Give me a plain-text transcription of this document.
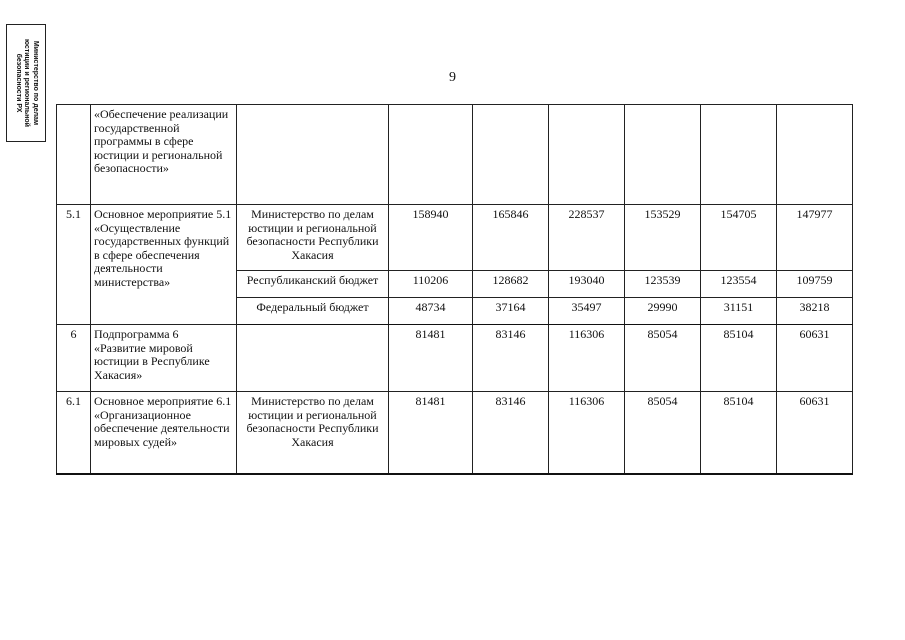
Министерство по делам
юстиции и региональной
безопасности РХ	9
	«Обеспечение реализации государственной программы в сфере юстиции и региональной безопасности»							
5.1	Основное мероприятие 5.1 «Осуществление государственных функций в сфере обеспечения деятельности министерства»	Министерство по делам юстиции и региональной безопасности Республики Хакасия	158940	165846	228537	153529	154705	147977
		Республиканский бюджет	110206	128682	193040	123539	123554	109759
		Федеральный бюджет	48734	37164	35497	29990	31151	38218
6	Подпрограмма 6 «Развитие мировой юстиции в Республике Хакасия»		81481	83146	116306	85054	85104	60631
6.1	Основное мероприятие 6.1 «Организационное обеспечение деятельности мировых судей»	Министерство по делам юстиции и региональной безопасности Республики Хакасия	81481	83146	116306	85054	85104	60631
